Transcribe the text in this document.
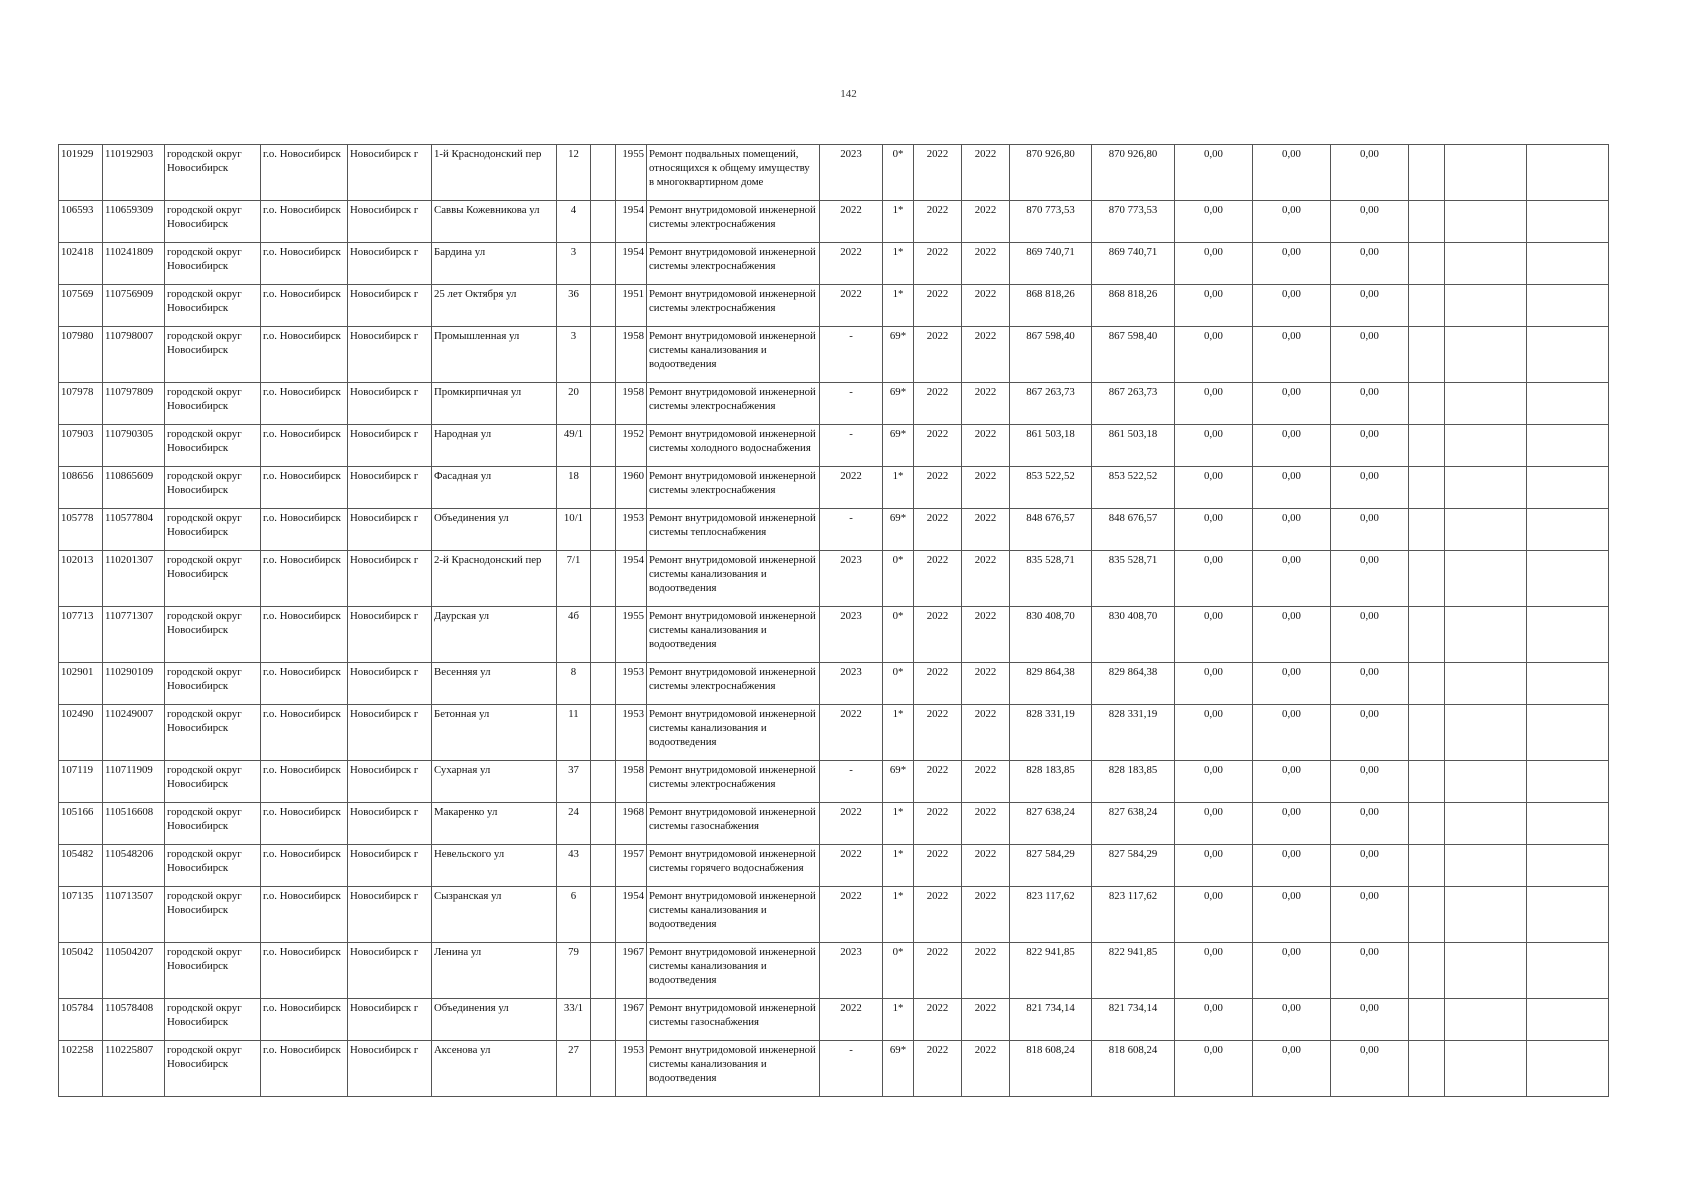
142
101929	110192903	городской округ Новосибирск	г.о. Новосибирск	Новосибирск г	1-й Краснодонский пер	12		1955	Ремонт подвальных помещений, относящихся к общему имуществу в многоквартирном доме	2023	0*	2022	2022	870 926,80	870 926,80	0,00	0,00	0,00			
106593	110659309	городской округ Новосибирск	г.о. Новосибирск	Новосибирск г	Саввы Кожевникова ул	4		1954	Ремонт внутридомовой инженерной системы электроснабжения	2022	1*	2022	2022	870 773,53	870 773,53	0,00	0,00	0,00			
102418	110241809	городской округ Новосибирск	г.о. Новосибирск	Новосибирск г	Бардина ул	3		1954	Ремонт внутридомовой инженерной системы электроснабжения	2022	1*	2022	2022	869 740,71	869 740,71	0,00	0,00	0,00			
107569	110756909	городской округ Новосибирск	г.о. Новосибирск	Новосибирск г	25 лет Октября ул	36		1951	Ремонт внутридомовой инженерной системы электроснабжения	2022	1*	2022	2022	868 818,26	868 818,26	0,00	0,00	0,00			
107980	110798007	городской округ Новосибирск	г.о. Новосибирск	Новосибирск г	Промышленная ул	3		1958	Ремонт внутридомовой инженерной системы канализования и водоотведения	-	69*	2022	2022	867 598,40	867 598,40	0,00	0,00	0,00			
107978	110797809	городской округ Новосибирск	г.о. Новосибирск	Новосибирск г	Промкирпичная ул	20		1958	Ремонт внутридомовой инженерной системы электроснабжения	-	69*	2022	2022	867 263,73	867 263,73	0,00	0,00	0,00			
107903	110790305	городской округ Новосибирск	г.о. Новосибирск	Новосибирск г	Народная ул	49/1		1952	Ремонт внутридомовой инженерной системы холодного водоснабжения	-	69*	2022	2022	861 503,18	861 503,18	0,00	0,00	0,00			
108656	110865609	городской округ Новосибирск	г.о. Новосибирск	Новосибирск г	Фасадная ул	18		1960	Ремонт внутридомовой инженерной системы электроснабжения	2022	1*	2022	2022	853 522,52	853 522,52	0,00	0,00	0,00			
105778	110577804	городской округ Новосибирск	г.о. Новосибирск	Новосибирск г	Объединения ул	10/1		1953	Ремонт внутридомовой инженерной системы теплоснабжения	-	69*	2022	2022	848 676,57	848 676,57	0,00	0,00	0,00			
102013	110201307	городской округ Новосибирск	г.о. Новосибирск	Новосибирск г	2-й Краснодонский пер	7/1		1954	Ремонт внутридомовой инженерной системы канализования и водоотведения	2023	0*	2022	2022	835 528,71	835 528,71	0,00	0,00	0,00			
107713	110771307	городской округ Новосибирск	г.о. Новосибирск	Новосибирск г	Даурская ул	4б		1955	Ремонт внутридомовой инженерной системы канализования и водоотведения	2023	0*	2022	2022	830 408,70	830 408,70	0,00	0,00	0,00			
102901	110290109	городской округ Новосибирск	г.о. Новосибирск	Новосибирск г	Весенняя ул	8		1953	Ремонт внутридомовой инженерной системы электроснабжения	2023	0*	2022	2022	829 864,38	829 864,38	0,00	0,00	0,00			
102490	110249007	городской округ Новосибирск	г.о. Новосибирск	Новосибирск г	Бетонная ул	11		1953	Ремонт внутридомовой инженерной системы канализования и водоотведения	2022	1*	2022	2022	828 331,19	828 331,19	0,00	0,00	0,00			
107119	110711909	городской округ Новосибирск	г.о. Новосибирск	Новосибирск г	Сухарная ул	37		1958	Ремонт внутридомовой инженерной системы электроснабжения	-	69*	2022	2022	828 183,85	828 183,85	0,00	0,00	0,00			
105166	110516608	городской округ Новосибирск	г.о. Новосибирск	Новосибирск г	Макаренко ул	24		1968	Ремонт внутридомовой инженерной системы газоснабжения	2022	1*	2022	2022	827 638,24	827 638,24	0,00	0,00	0,00			
105482	110548206	городской округ Новосибирск	г.о. Новосибирск	Новосибирск г	Невельского ул	43		1957	Ремонт внутридомовой инженерной системы горячего водоснабжения	2022	1*	2022	2022	827 584,29	827 584,29	0,00	0,00	0,00			
107135	110713507	городской округ Новосибирск	г.о. Новосибирск	Новосибирск г	Сызранская ул	6		1954	Ремонт внутридомовой инженерной системы канализования и водоотведения	2022	1*	2022	2022	823 117,62	823 117,62	0,00	0,00	0,00			
105042	110504207	городской округ Новосибирск	г.о. Новосибирск	Новосибирск г	Ленина ул	79		1967	Ремонт внутридомовой инженерной системы канализования и водоотведения	2023	0*	2022	2022	822 941,85	822 941,85	0,00	0,00	0,00			
105784	110578408	городской округ Новосибирск	г.о. Новосибирск	Новосибирск г	Объединения ул	33/1		1967	Ремонт внутридомовой инженерной системы газоснабжения	2022	1*	2022	2022	821 734,14	821 734,14	0,00	0,00	0,00			
102258	110225807	городской округ Новосибирск	г.о. Новосибирск	Новосибирск г	Аксенова ул	27		1953	Ремонт внутридомовой инженерной системы канализования и водоотведения	-	69*	2022	2022	818 608,24	818 608,24	0,00	0,00	0,00			
